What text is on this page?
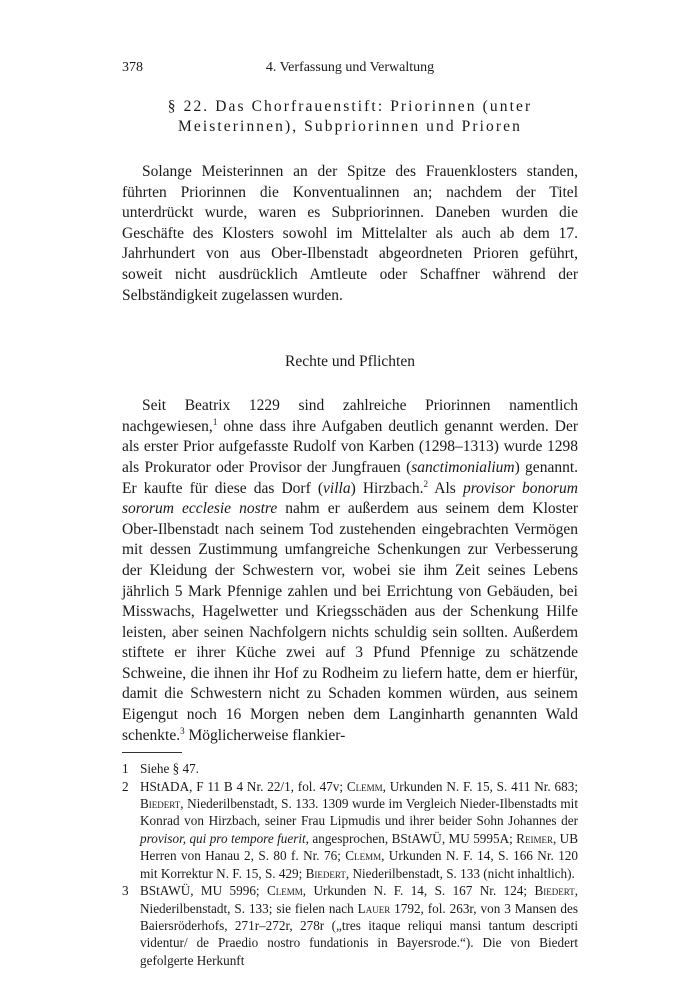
378	4. Verfassung und Verwaltung
§ 22. Das Chorfrauenstift: Priorinnen (unter
Meisterinnen), Subpriorinnen und Prioren

Solange Meisterinnen an der Spitze des Frauenklosters standen, führten Priorinnen die Konventualinnen an; nachdem der Titel unterdrückt wurde, waren es Subpriorinnen. Daneben wurden die Geschäfte des Klosters sowohl im Mittelalter als auch ab dem 17. Jahrhundert von aus Ober-Ilbenstadt abgeordneten Prioren geführt, soweit nicht ausdrücklich Amtleute oder Schaffner während der Selbständigkeit zugelassen wurden.

Rechte und Pflichten

Seit Beatrix 1229 sind zahlreiche Priorinnen namentlich nachgewiesen,$^1$ ohne dass ihre Aufgaben deutlich genannt werden. Der als erster Prior aufgefasste Rudolf von Karben (1298–1313) wurde 1298 als Prokurator oder Provisor der Jungfrauen (sanctimonialium) genannt. Er kaufte für diese das Dorf (villa) Hirzbach.$^2$ Als provisor bonorum sororum ecclesie nostre nahm er außerdem aus seinem dem Kloster Ober-Ilbenstadt nach seinem Tod zustehenden eingebrachten Vermögen mit dessen Zustimmung umfangreiche Schenkungen zur Verbesserung der Kleidung der Schwestern vor, wobei sie ihm Zeit seines Lebens jährlich 5 Mark Pfennige zahlen und bei Errichtung von Gebäuden, bei Misswachs, Hagelwetter und Kriegsschäden aus der Schenkung Hilfe leisten, aber seinen Nachfolgern nichts schuldig sein sollten. Außerdem stiftete er ihrer Küche zwei auf 3 Pfund Pfennige zu schätzende Schweine, die ihnen ihr Hof zu Rodheim zu liefern hatte, dem er hierfür, damit die Schwestern nicht zu Schaden kommen würden, aus seinem Eigengut noch 16 Morgen neben dem Langinharth genannten Wald schenkte.$^3$ Möglicherweise flankier-

1 Siehe § 47.
2 HStADA, F 11 B 4 Nr. 22/1, fol. 47v; Clemm, Urkunden N. F. 15, S. 411 Nr. 683; Biedert, Niederilbenstadt, S. 133. 1309 wurde im Vergleich Nieder-Ilbenstadts mit Konrad von Hirzbach, seiner Frau Lipmudis und ihrer beider Sohn Johannes der provisor, qui pro tempore fuerit, angesprochen, BStAWÜ, MU 5995A; Reimer, UB Herren von Hanau 2, S. 80 f. Nr. 76; Clemm, Urkunden N. F. 14, S. 166 Nr. 120 mit Korrektur N. F. 15, S. 429; Biedert, Niederilbenstadt, S. 133 (nicht inhaltlich).
3 BStAWÜ, MU 5996; Clemm, Urkunden N. F. 14, S. 167 Nr. 124; Biedert, Niederilbenstadt, S. 133; sie fielen nach Lauer 1792, fol. 263r, von 3 Mansen des Baiersröderhofs, 271r–272r, 278r („tres itaque reliqui mansi tantum descripti videntur/ de Praedio nostro fundationis in Bayersrode.“). Die von Biedert gefolgerte Herkunft
